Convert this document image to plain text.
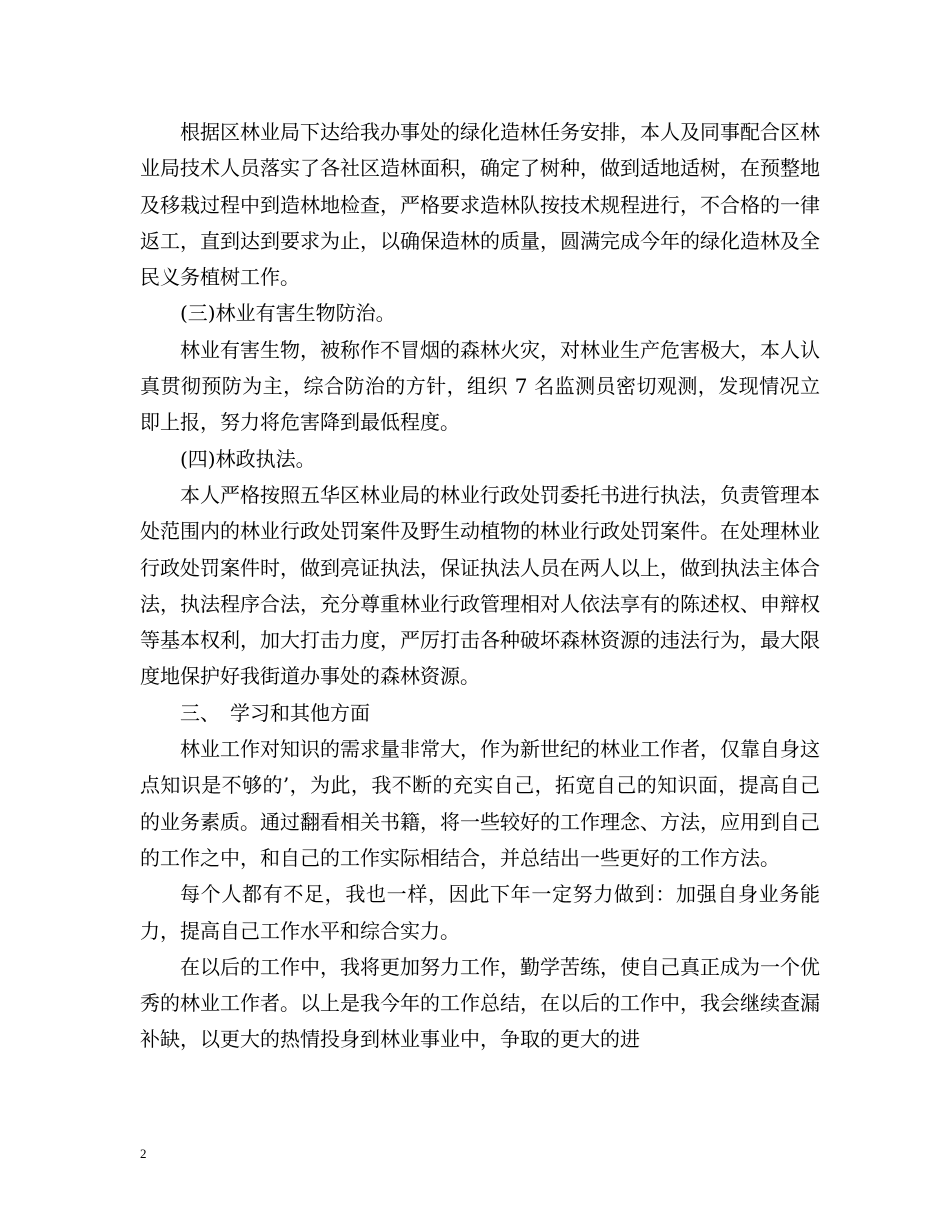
根据区林业局下达给我办事处的绿化造林任务安排，本人及同事配合区林业局技术人员落实了各社区造林面积，确定了树种，做到适地适树，在预整地及移栽过程中到造林地检查，严格要求造林队按技术规程进行，不合格的一律返工，直到达到要求为止，以确保造林的质量，圆满完成今年的绿化造林及全民义务植树工作。

(三)林业有害生物防治。

林业有害生物，被称作不冒烟的森林火灾，对林业生产危害极大，本人认真贯彻预防为主，综合防治的方针，组织 7 名监测员密切观测，发现情况立即上报，努力将危害降到最低程度。

(四)林政执法。

本人严格按照五华区林业局的林业行政处罚委托书进行执法，负责管理本处范围内的林业行政处罚案件及野生动植物的林业行政处罚案件。在处理林业行政处罚案件时，做到亮证执法，保证执法人员在两人以上，做到执法主体合法，执法程序合法，充分尊重林业行政管理相对人依法享有的陈述权、申辩权等基本权利，加大打击力度，严厉打击各种破坏森林资源的违法行为，最大限度地保护好我街道办事处的森林资源。

三、　学习和其他方面

林业工作对知识的需求量非常大，作为新世纪的林业工作者，仅靠自身这点知识是不够的’，为此，我不断的充实自己，拓宽自己的知识面，提高自己的业务素质。通过翻看相关书籍，将一些较好的工作理念、方法，应用到自己的工作之中，和自己的工作实际相结合，并总结出一些更好的工作方法。

每个人都有不足，我也一样，因此下年一定努力做到：加强自身业务能力，提高自己工作水平和综合实力。

在以后的工作中，我将更加努力工作，勤学苦练，使自己真正成为一个优秀的林业工作者。以上是我今年的工作总结，在以后的工作中，我会继续查漏补缺，以更大的热情投身到林业事业中，争取的更大的进

2
